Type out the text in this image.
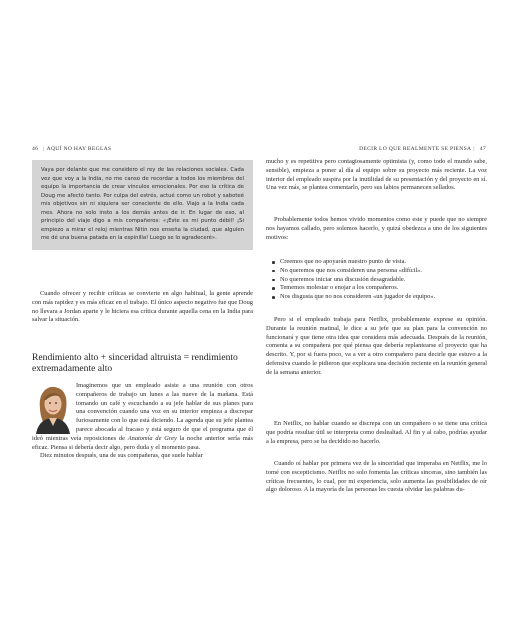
46 | AQUÍ NO HAY REGLAS	DECIR LO QUE REALMENTE SE PIENSA | 47
Vaya por delante que me considero el rey de las relaciones sociales. Cada vez que voy a la India, no me canso de recordar a todos los miembros del equipo la importancia de crear vínculos emocionales. Por eso la crítica de Doug me afectó tanto. Por culpa del estrés, actué como un robot y saboteé mis objetivos sin ni siquiera ser consciente de ello. Viajo a la India cada mes. Ahora no solo insto a los demás antes de ir. En lugar de eso, al principio del viaje digo a mis compañeros: «¡Este es mi punto débil! ¡Si empiezo a mirar el reloj mientras Nitin nos enseña la ciudad, que alguien me dé una buena patada en la espinilla! Luego se lo agradeceré».

Cuando ofrecer y recibir críticas se convierte en algo habitual, la gente aprende con más rapidez y es más eficaz en el trabajo. El único aspecto negativo fue que Doug no llevara a Jordan aparte y le hiciera esa crítica durante aquella cena en la India para salvar la situación.

Rendimiento alto + sinceridad altruista = rendimiento extremadamente alto

Imaginemos que un empleado asiste a una reunión con otros compañeros de trabajo un lunes a las nueve de la mañana. Está tomando un café y escuchando a su jefe hablar de sus planes para una convención cuando una voz en su interior empieza a discrepar furiosamente con lo que está diciendo. La agenda que su jefe plantea parece abocada al fracaso y está seguro de que el programa que él ideó mientras veía reposiciones de Anatomía de Grey la noche anterior sería más eficaz. Piensa si debería decir algo, pero duda y el momento pasa.

Diez minutos después, una de sus compañeras, que suele hablar

mucho y es repetitiva pero contagiosamente optimista (y, como todo el mundo sabe, sensible), empieza a poner al día al equipo sobre su proyecto más reciente. La voz interior del empleado suspira por la inutilidad de su presentación y del proyecto en sí. Una vez más, se plantea comentarlo, pero sus labios permanecen sellados.

Probablemente todos hemos vivido momentos como este y puede que no siempre nos hayamos callado, pero solemos hacerlo, y quizá obedezca a uno de los siguientes motivos:

Creemos que no apoyarán nuestro punto de vista.
No queremos que nos consideren una persona «difícil».
No queremos iniciar una discusión desagradable.
Tememos molestar o enojar a los compañeros.
Nos disgusta que no nos consideren «un jugador de equipo».

Pero si el empleado trabaja para Netflix, probablemente exprese su opinión. Durante la reunión matinal, le dice a su jefe que su plan para la convención no funcionará y que tiene otra idea que considera más adecuada. Después de la reunión, comenta a su compañera por qué piensa que debería replantearse el proyecto que ha descrito. Y, por si fuera poco, va a ver a otro compañero para decirle que estuvo a la defensiva cuando le pidieron que explicara una decisión reciente en la reunión general de la semana anterior.

En Netflix, no hablar cuando se discrepa con un compañero o se tiene una crítica que podría resultar útil se interpreta como deslealtad. Al fin y al cabo, podrías ayudar a la empresa, pero se ha decidido no hacerlo.

Cuando oí hablar por primera vez de la sinceridad que imperaba en Netflix, me lo tomé con escepticismo. Netflix no solo fomenta las críticas sinceras, sino también las críticas frecuentes, lo cual, por mi experiencia, solo aumenta las posibilidades de oír algo doloroso. A la mayoría de las personas les cuesta olvidar las palabras du-
